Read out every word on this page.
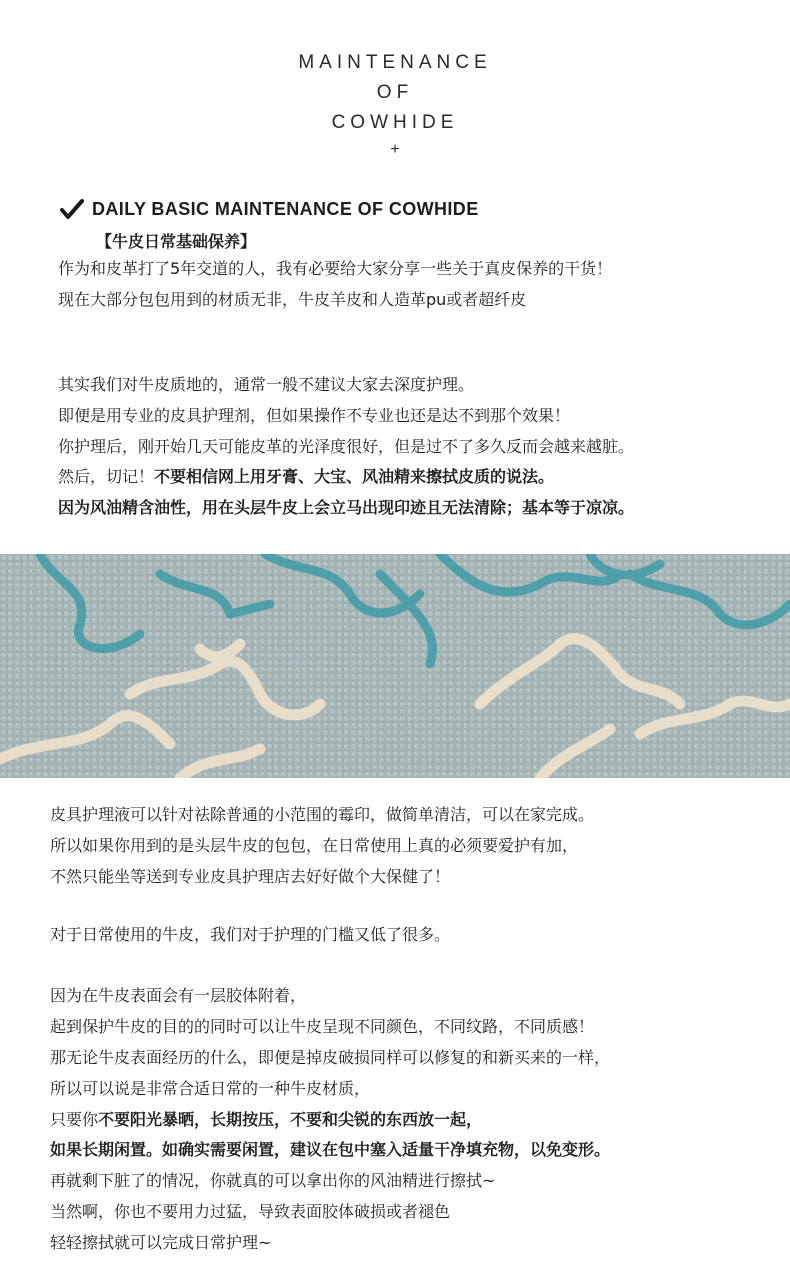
MAINTENANCE
OF
COWHIDE
+
DAILY BASIC MAINTENANCE OF COWHIDE
【牛皮日常基础保养】
作为和皮革打了5年交道的人，我有必要给大家分享一些关于真皮保养的干货！
现在大部分包包用到的材质无非，牛皮羊皮和人造革pu或者超纤皮
其实我们对牛皮质地的，通常一般不建议大家去深度护理。
即便是用专业的皮具护理剂，但如果操作不专业也还是达不到那个效果！
你护理后，刚开始几天可能皮革的光泽度很好，但是过不了多久反而会越来越脏。
然后，切记！不要相信网上用牙膏、大宝、风油精来擦拭皮质的说法。
因为风油精含油性，用在头层牛皮上会立马出现印迹且无法清除；基本等于凉凉。
皮具护理液可以针对祛除普通的小范围的霉印，做简单清洁，可以在家完成。
所以如果你用到的是头层牛皮的包包，在日常使用上真的必须要爱护有加，
不然只能坐等送到专业皮具护理店去好好做个大保健了！
对于日常使用的牛皮，我们对于护理的门槛又低了很多。
因为在牛皮表面会有一层胶体附着，
起到保护牛皮的目的的同时可以让牛皮呈现不同颜色，不同纹路，不同质感！
那无论牛皮表面经历的什么，即便是掉皮破损同样可以修复的和新买来的一样，
所以可以说是非常合适日常的一种牛皮材质，
只要你不要阳光暴晒，长期按压，不要和尖锐的东西放一起，
如果长期闲置。如确实需要闲置，建议在包中塞入适量干净填充物，以免变形。
再就剩下脏了的情况，你就真的可以拿出你的风油精进行擦拭~
当然啊，你也不要用力过猛，导致表面胶体破损或者褪色
轻轻擦拭就可以完成日常护理~
